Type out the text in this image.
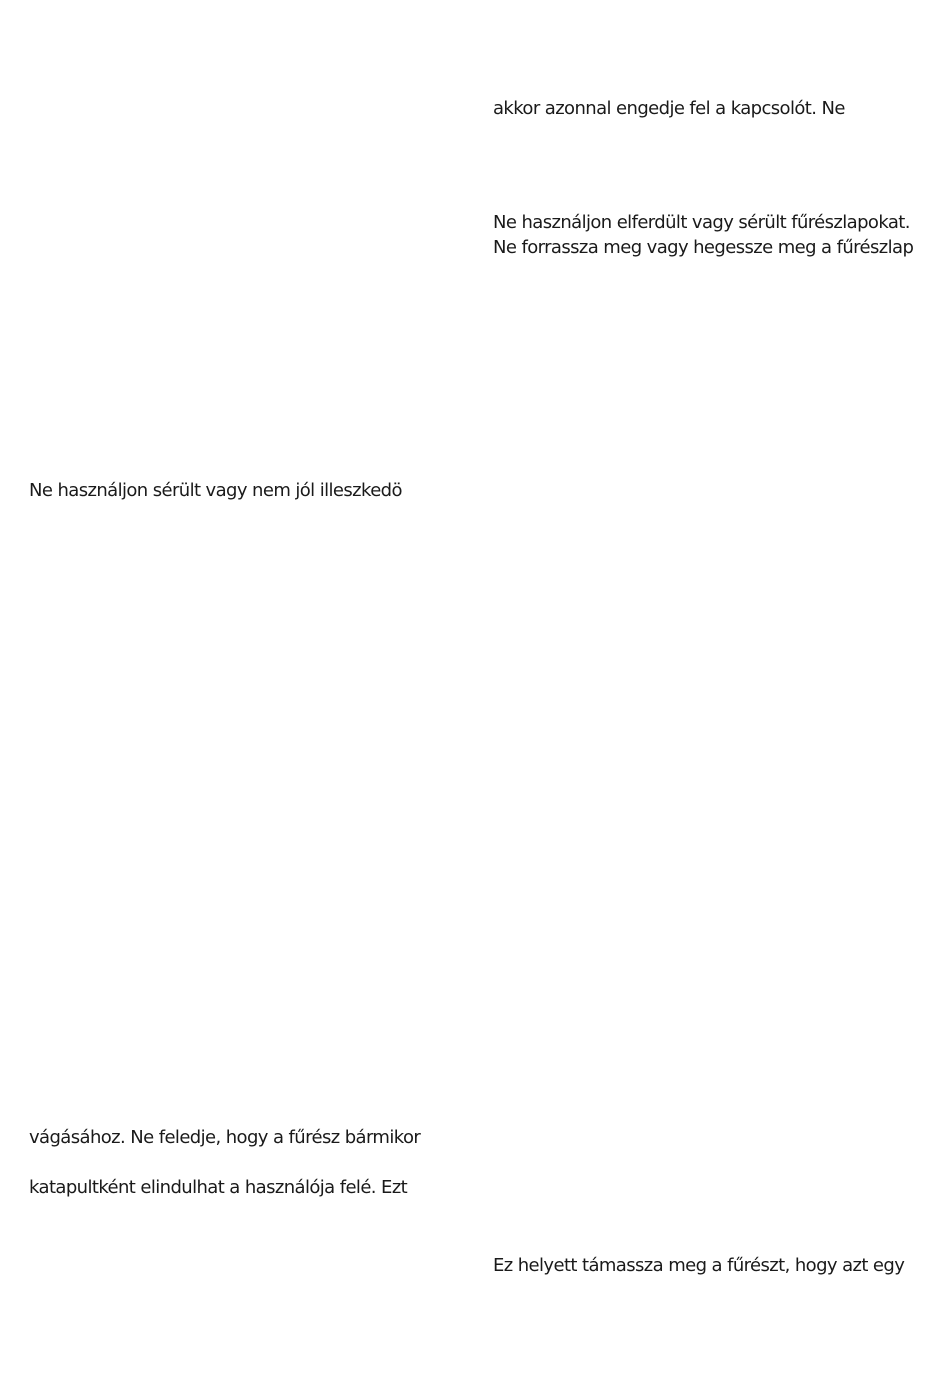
akkor azonnal engedje fel a kapcsolót. Ne
Ne használjon elferdült vagy sérült fűrészlapokat.
Ne forrassza meg vagy hegessze meg a fűrészlap
Ne használjon sérült vagy nem jól illeszkedö
vágásához. Ne feledje, hogy a fűrész bármikor
katapultként elindulhat a használója felé. Ezt
Ez helyett támassza meg a fűrészt, hogy azt egy
